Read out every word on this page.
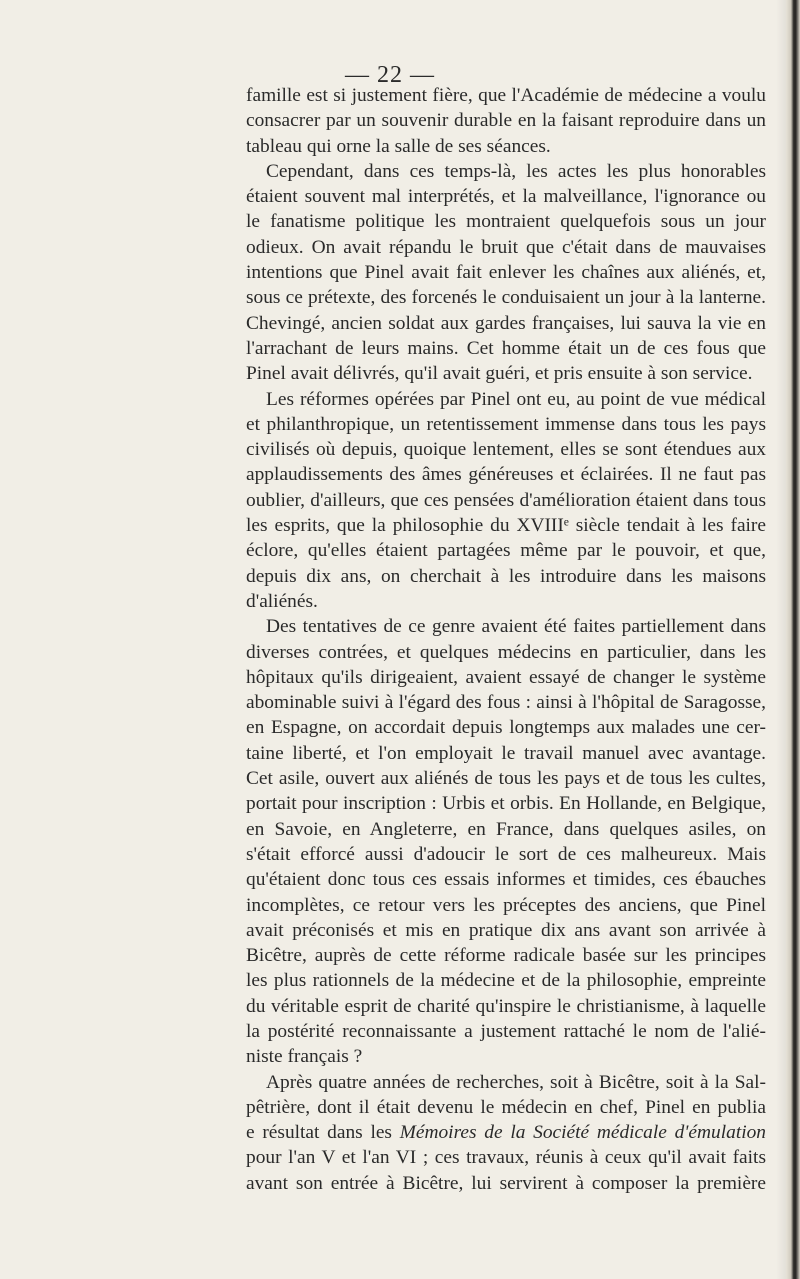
— 22 —
famille est si justement fière, que l'Académie de médecine a voulu
consacrer par un souvenir durable en la faisant reproduire dans un
tableau qui orne la salle de ses séances.
Cependant, dans ces temps-là, les actes les plus honorables
étaient souvent mal interprétés, et la malveillance, l'ignorance ou
le fanatisme politique les montraient quelquefois sous un jour
odieux. On avait répandu le bruit que c'était dans de mauvaises
intentions que Pinel avait fait enlever les chaînes aux aliénés, et,
sous ce prétexte, des forcenés le conduisaient un jour à la lanterne.
Chevingé, ancien soldat aux gardes françaises, lui sauva la vie en
l'arrachant de leurs mains. Cet homme était un de ces fous que
Pinel avait délivrés, qu'il avait guéri, et pris ensuite à son service.
Les réformes opérées par Pinel ont eu, au point de vue médical
et philanthropique, un retentissement immense dans tous les pays
civilisés où depuis, quoique lentement, elles se sont étendues aux
applaudissements des âmes généreuses et éclairées. Il ne faut pas
oublier, d'ailleurs, que ces pensées d'amélioration étaient dans tous
les esprits, que la philosophie du XVIIIᵉ siècle tendait à les faire
éclore, qu'elles étaient partagées même par le pouvoir, et que,
depuis dix ans, on cherchait à les introduire dans les maisons
d'aliénés.
Des tentatives de ce genre avaient été faites partiellement dans
diverses contrées, et quelques médecins en particulier, dans les
hôpitaux qu'ils dirigeaient, avaient essayé de changer le système
abominable suivi à l'égard des fous : ainsi à l'hôpital de Saragosse,
en Espagne, on accordait depuis longtemps aux malades une cer-
taine liberté, et l'on employait le travail manuel avec avantage.
Cet asile, ouvert aux aliénés de tous les pays et de tous les cultes,
portait pour inscription : Urbis et orbis. En Hollande, en Belgique,
en Savoie, en Angleterre, en France, dans quelques asiles, on
s'était efforcé aussi d'adoucir le sort de ces malheureux. Mais
qu'étaient donc tous ces essais informes et timides, ces ébauches
incomplètes, ce retour vers les préceptes des anciens, que Pinel
avait préconisés et mis en pratique dix ans avant son arrivée à
Bicêtre, auprès de cette réforme radicale basée sur les principes
les plus rationnels de la médecine et de la philosophie, empreinte
du véritable esprit de charité qu'inspire le christianisme, à laquelle
la postérité reconnaissante a justement rattaché le nom de l'alié-
niste français ?
Après quatre années de recherches, soit à Bicêtre, soit à la Sal-
pêtrière, dont il était devenu le médecin en chef, Pinel en publia
e résultat dans les Mémoires de la Société médicale d'émulation
pour l'an V et l'an VI ; ces travaux, réunis à ceux qu'il avait faits
avant son entrée à Bicêtre, lui servirent à composer la première
